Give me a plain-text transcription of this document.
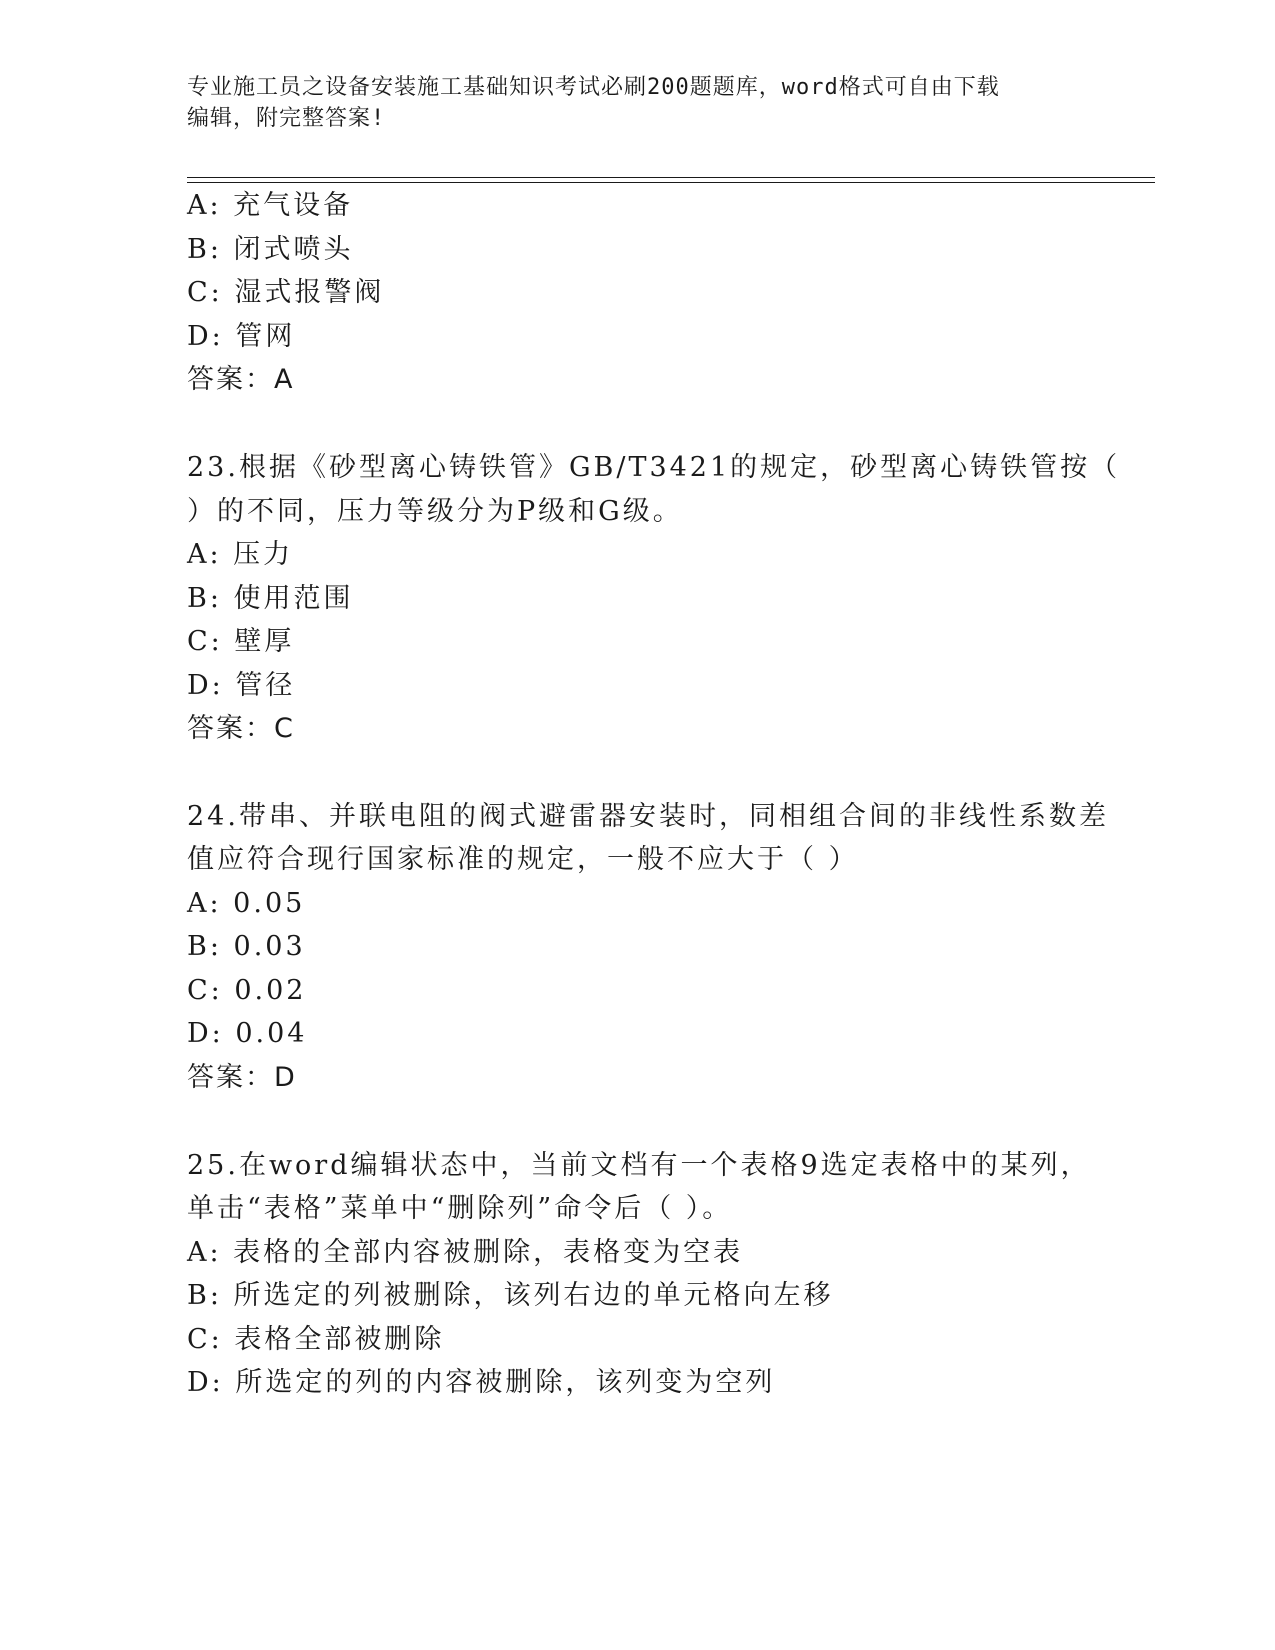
专业施工员之设备安装施工基础知识考试必刷200题题库，word格式可自由下载
编辑，附完整答案!
A: 充气设备
B: 闭式喷头
C: 湿式报警阀
D: 管网
答案：A
23.根据《砂型离心铸铁管》GB/T3421的规定，砂型离心铸铁管按（
）的不同，压力等级分为P级和G级。
A: 压力
B: 使用范围
C: 壁厚
D: 管径
答案：C
24.带串、并联电阻的阀式避雷器安装时，同相组合间的非线性系数差
值应符合现行国家标准的规定，一般不应大于（ ）
A: 0.05
B: 0.03
C: 0.02
D: 0.04
答案：D
25.在word编辑状态中，当前文档有一个表格9选定表格中的某列，
单击“表格”菜单中“删除列”命令后（ ）。
A: 表格的全部内容被删除，表格变为空表
B: 所选定的列被删除，该列右边的单元格向左移
C: 表格全部被删除
D: 所选定的列的内容被删除，该列变为空列
